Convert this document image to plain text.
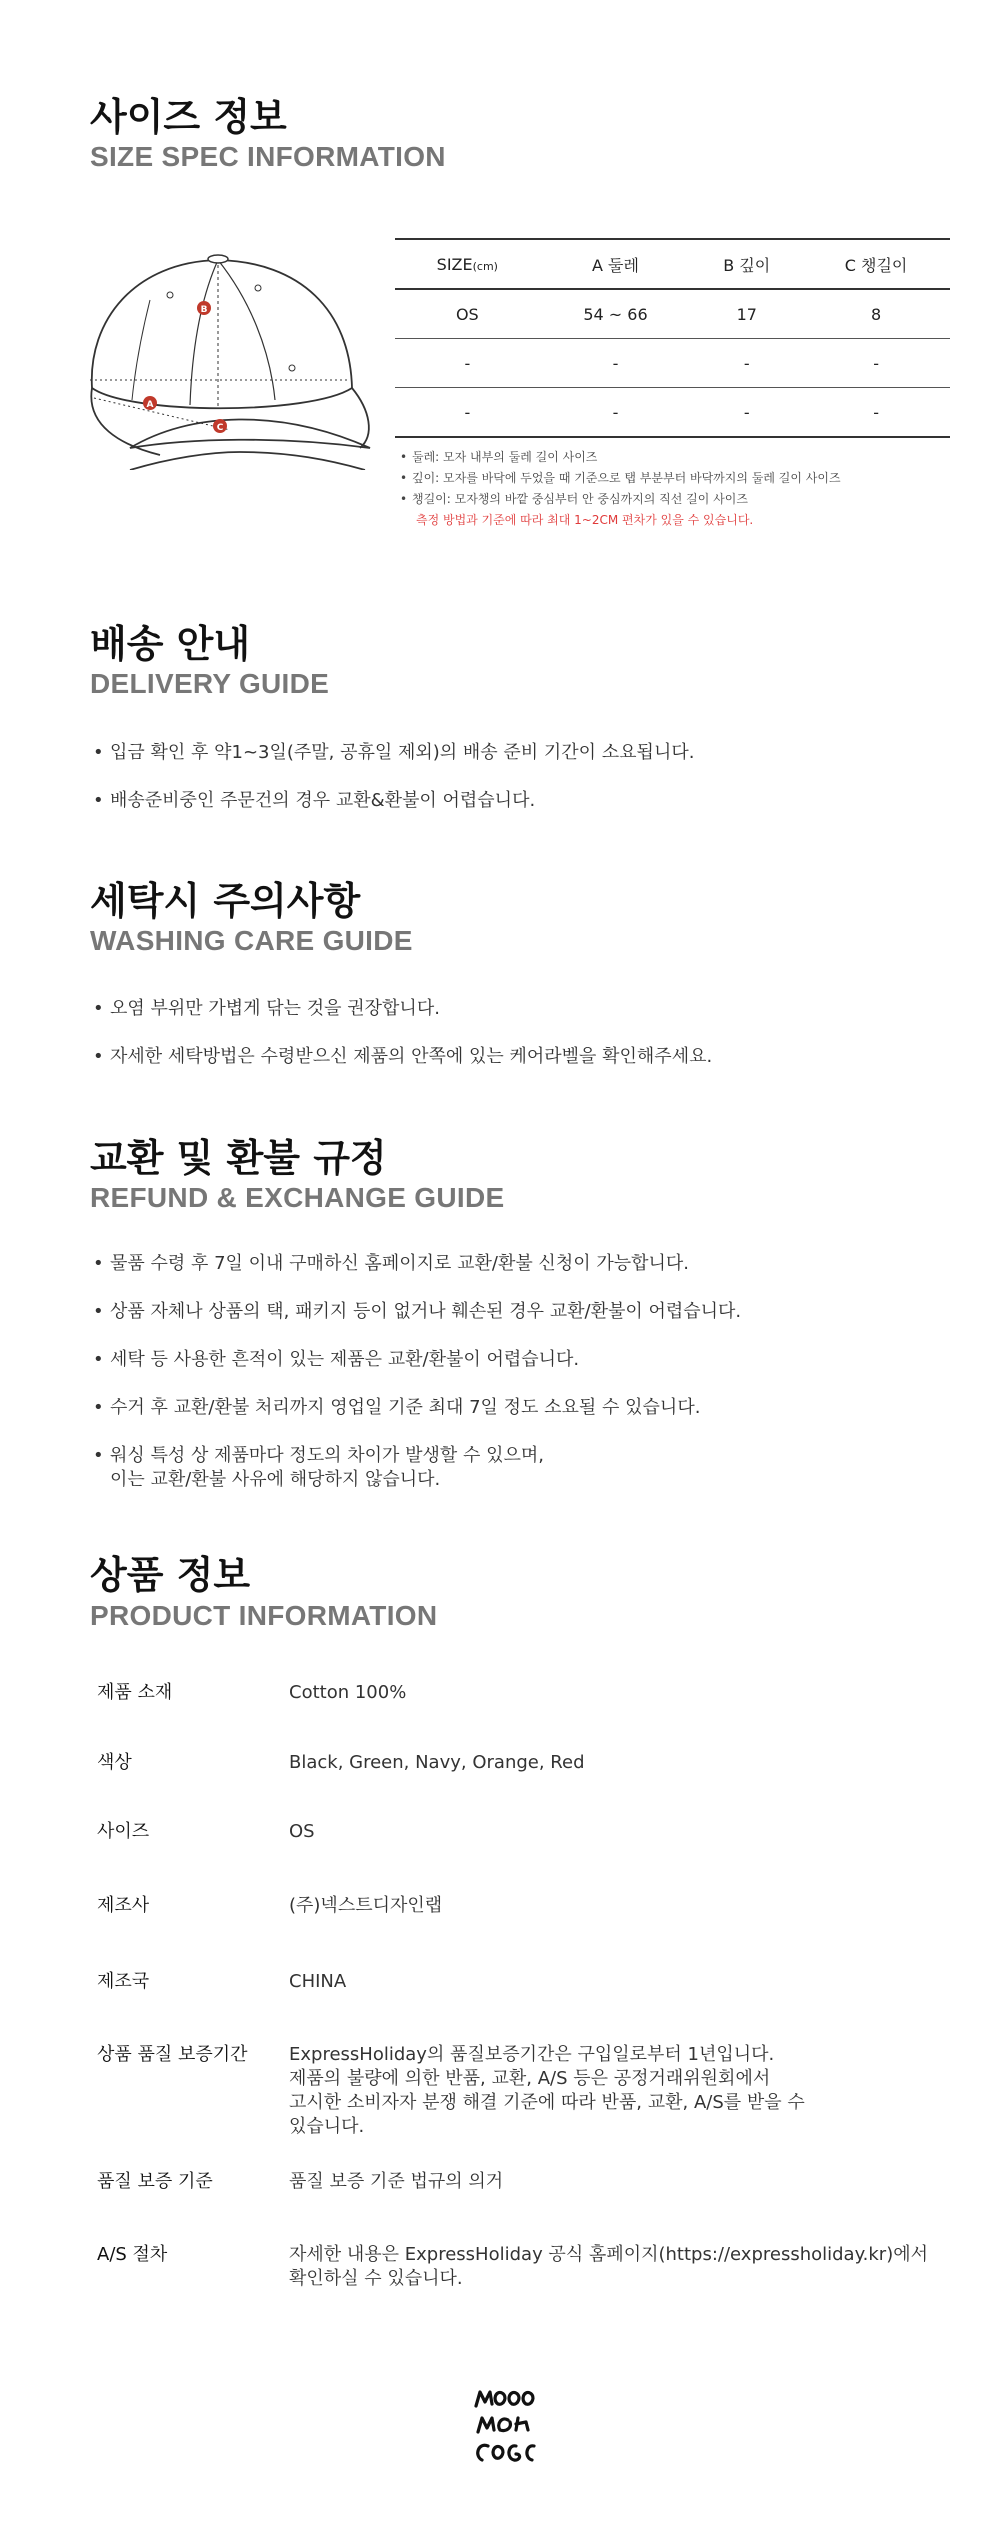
사이즈 정보
SIZE SPEC INFORMATION
B
A
C
SIZE(cm)	A 둘레	B 깊이	C 챙길이
OS	54 ~ 66	17	8
-	-	-	-
-	-	-	-
• 둘레: 모자 내부의 둘레 길이 사이즈
• 깊이: 모자를 바닥에 두었을 때 기준으로 탭 부분부터 바닥까지의 둘레 길이 사이즈
• 챙길이: 모자챙의 바깥 중심부터 안 중심까지의 직선 길이 사이즈
측정 방법과 기준에 따라 최대 1~2CM 편차가 있을 수 있습니다.
배송 안내
DELIVERY GUIDE
• 입금 확인 후 약1~3일(주말, 공휴일 제외)의 배송 준비 기간이 소요됩니다.
• 배송준비중인 주문건의 경우 교환&환불이 어렵습니다.
세탁시 주의사항
WASHING CARE GUIDE
• 오염 부위만 가볍게 닦는 것을 권장합니다.
• 자세한 세탁방법은 수령받으신 제품의 안쪽에 있는 케어라벨을 확인해주세요.
교환 및 환불 규정
REFUND & EXCHANGE GUIDE
• 물품 수령 후 7일 이내 구매하신 홈페이지로 교환/환불 신청이 가능합니다.
• 상품 자체나 상품의 택, 패키지 등이 없거나 훼손된 경우 교환/환불이 어렵습니다.
• 세탁 등 사용한 흔적이 있는 제품은 교환/환불이 어렵습니다.
• 수거 후 교환/환불 처리까지 영업일 기준 최대 7일 정도 소요될 수 있습니다.
• 워싱 특성 상 제품마다 정도의 차이가 발생할 수 있으며,
이는 교환/환불 사유에 해당하지 않습니다.
상품 정보
PRODUCT INFORMATION
제품 소재	Cotton 100%
색상	Black, Green, Navy, Orange, Red
사이즈	OS
제조사	(주)넥스트디자인랩
제조국	CHINA
상품 품질 보증기간	ExpressHoliday의 품질보증기간은 구입일로부터 1년입니다.
제품의 불량에 의한 반품, 교환, A/S 등은 공정거래위원회에서
고시한 소비자자 분쟁 해결 기준에 따라 반품, 교환, A/S를 받을 수
있습니다.
품질 보증 기준	품질 보증 기준 법규의 의거
A/S 절차	자세한 내용은 ExpressHoliday 공식 홈페이지(https://expressholiday.kr)에서
확인하실 수 있습니다.
